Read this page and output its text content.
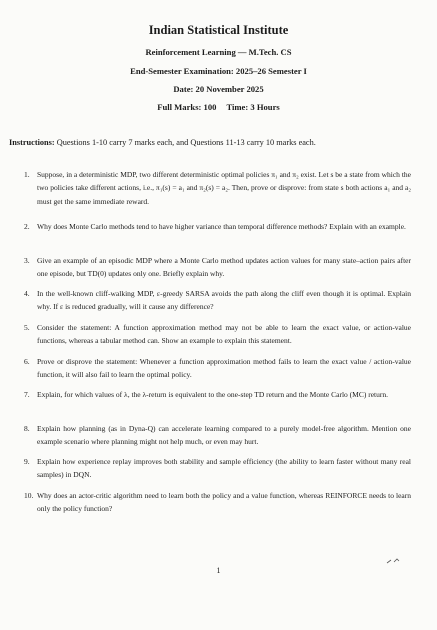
Indian Statistical Institute
Reinforcement Learning — M.Tech. CS
End-Semester Examination: 2025–26 Semester I
Date: 20 November 2025
Full Marks: 100 Time: 3 Hours
Instructions: Questions 1-10 carry 7 marks each, and Questions 11-13 carry 10 marks each.
1. Suppose, in a deterministic MDP, two different deterministic optimal policies π₁ and π₂ exist. Let s be a state from which the two policies take different actions, i.e., π₁(s) = a₁ and π₂(s) = a₂. Then, prove or disprove: from state s both actions a₁ and a₂ must get the same immediate reward.
2. Why does Monte Carlo methods tend to have higher variance than temporal difference methods? Explain with an example.
3. Give an example of an episodic MDP where a Monte Carlo method updates action values for many state–action pairs after one episode, but TD(0) updates only one. Briefly explain why.
4. In the well-known cliff-walking MDP, ε-greedy SARSA avoids the path along the cliff even though it is optimal. Explain why. If ε is reduced gradually, will it cause any difference?
5. Consider the statement: A function approximation method may not be able to learn the exact value, or action-value functions, whereas a tabular method can. Show an example to explain this statement.
6. Prove or disprove the statement: Whenever a function approximation method fails to learn the exact value / action-value function, it will also fail to learn the optimal policy.
7. Explain, for which values of λ, the λ-return is equivalent to the one-step TD return and the Monte Carlo (MC) return.
8. Explain how planning (as in Dyna-Q) can accelerate learning compared to a purely model-free algorithm. Mention one example scenario where planning might not help much, or even may hurt.
9. Explain how experience replay improves both stability and sample efficiency (the ability to learn faster without many real samples) in DQN.
10. Why does an actor-critic algorithm need to learn both the policy and a value function, whereas REINFORCE needs to learn only the policy function?
1
